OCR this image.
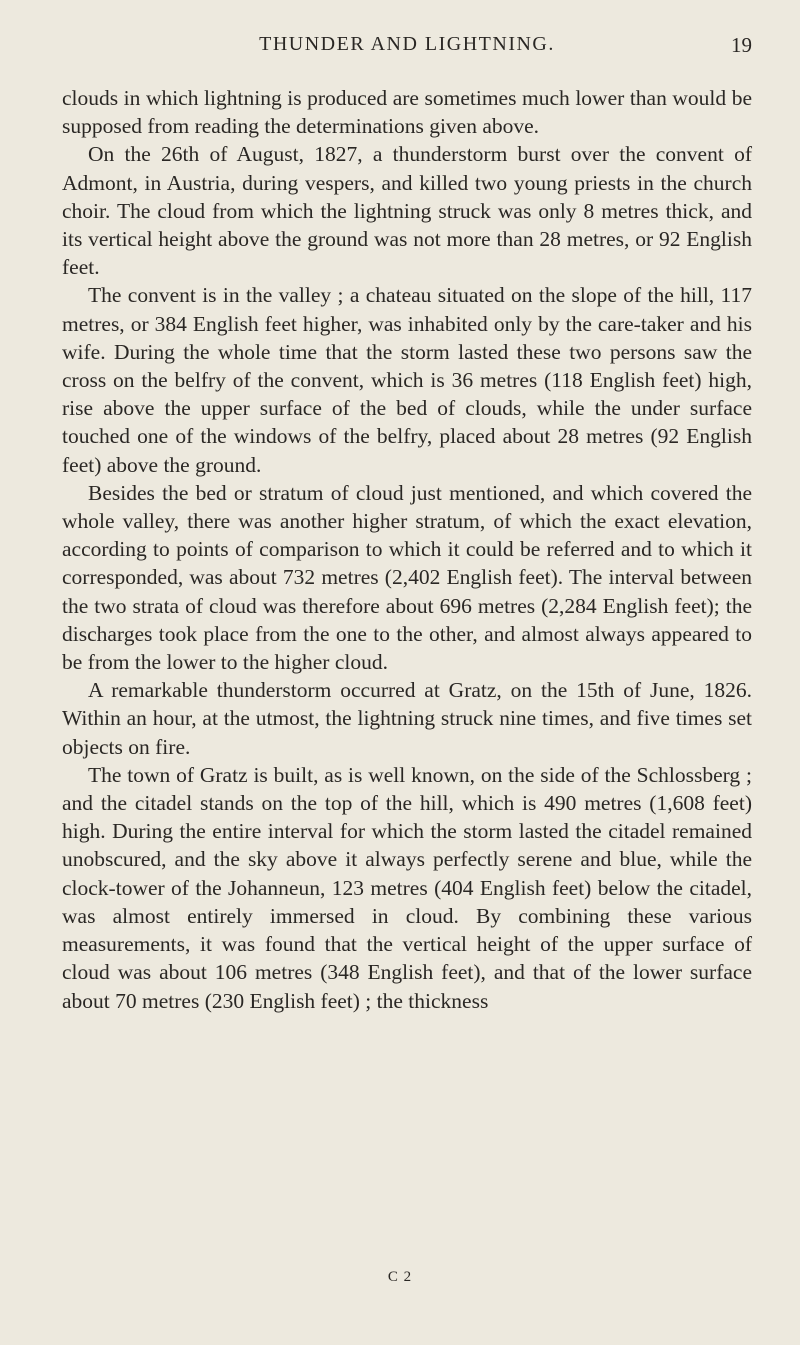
THUNDER AND LIGHTNING.	19

clouds in which lightning is produced are sometimes much lower than would be supposed from reading the determinations given above.

On the 26th of August, 1827, a thunderstorm burst over the convent of Admont, in Austria, during vespers, and killed two young priests in the church choir. The cloud from which the lightning struck was only 8 metres thick, and its vertical height above the ground was not more than 28 metres, or 92 English feet.

The convent is in the valley ; a chateau situated on the slope of the hill, 117 metres, or 384 English feet higher, was inhabited only by the care-taker and his wife. During the whole time that the storm lasted these two persons saw the cross on the belfry of the convent, which is 36 metres (118 English feet) high, rise above the upper surface of the bed of clouds, while the under surface touched one of the windows of the belfry, placed about 28 metres (92 English feet) above the ground.

Besides the bed or stratum of cloud just mentioned, and which covered the whole valley, there was another higher stratum, of which the exact elevation, according to points of comparison to which it could be referred and to which it corresponded, was about 732 metres (2,402 English feet). The interval between the two strata of cloud was therefore about 696 metres (2,284 English feet); the discharges took place from the one to the other, and almost always appeared to be from the lower to the higher cloud.

A remarkable thunderstorm occurred at Gratz, on the 15th of June, 1826. Within an hour, at the utmost, the lightning struck nine times, and five times set objects on fire.

The town of Gratz is built, as is well known, on the side of the Schlossberg ; and the citadel stands on the top of the hill, which is 490 metres (1,608 feet) high. During the entire interval for which the storm lasted the citadel remained unobscured, and the sky above it always perfectly serene and blue, while the clock-tower of the Johanneun, 123 metres (404 English feet) below the citadel, was almost entirely immersed in cloud. By combining these various measurements, it was found that the vertical height of the upper surface of cloud was about 106 metres (348 English feet), and that of the lower surface about 70 metres (230 English feet) ; the thickness

C 2
